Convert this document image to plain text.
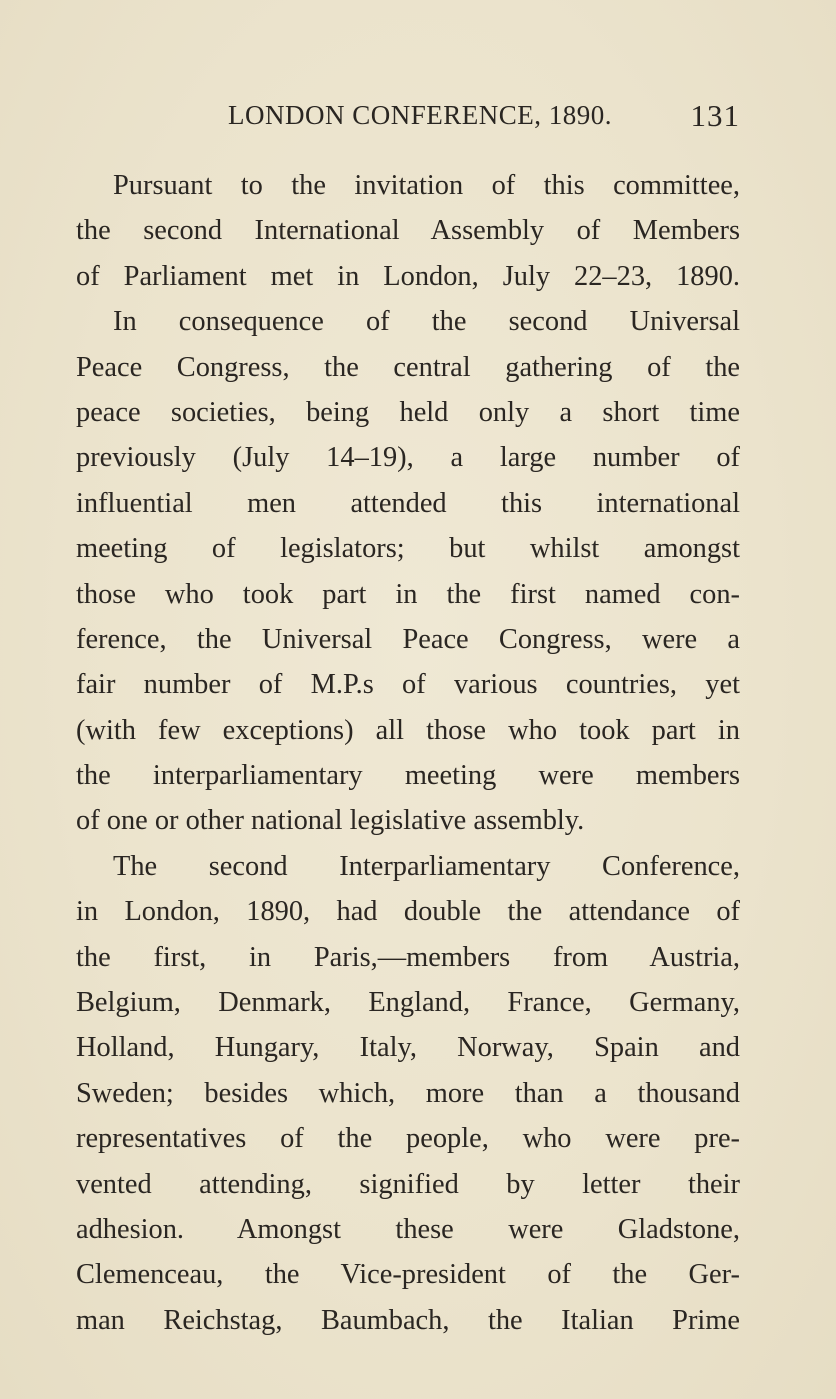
LONDON CONFERENCE, 1890.	131
Pursuant to the invitation of this committee,
the second International Assembly of Members
of Parliament met in London, July 22–23, 1890.
In consequence of the second Universal
Peace Congress, the central gathering of the
peace societies, being held only a short time
previously (July 14–19), a large number of
influential men attended this international
meeting of legislators; but whilst amongst
those who took part in the first named con-
ference, the Universal Peace Congress, were a
fair number of M.P.s of various countries, yet
(with few exceptions) all those who took part in
the interparliamentary meeting were members
of one or other national legislative assembly.
The second Interparliamentary Conference,
in London, 1890, had double the attendance of
the first, in Paris,—members from Austria,
Belgium, Denmark, England, France, Germany,
Holland, Hungary, Italy, Norway, Spain and
Sweden; besides which, more than a thousand
representatives of the people, who were pre-
vented attending, signified by letter their
adhesion. Amongst these were Gladstone,
Clemenceau, the Vice-president of the Ger-
man Reichstag, Baumbach, the Italian Prime
